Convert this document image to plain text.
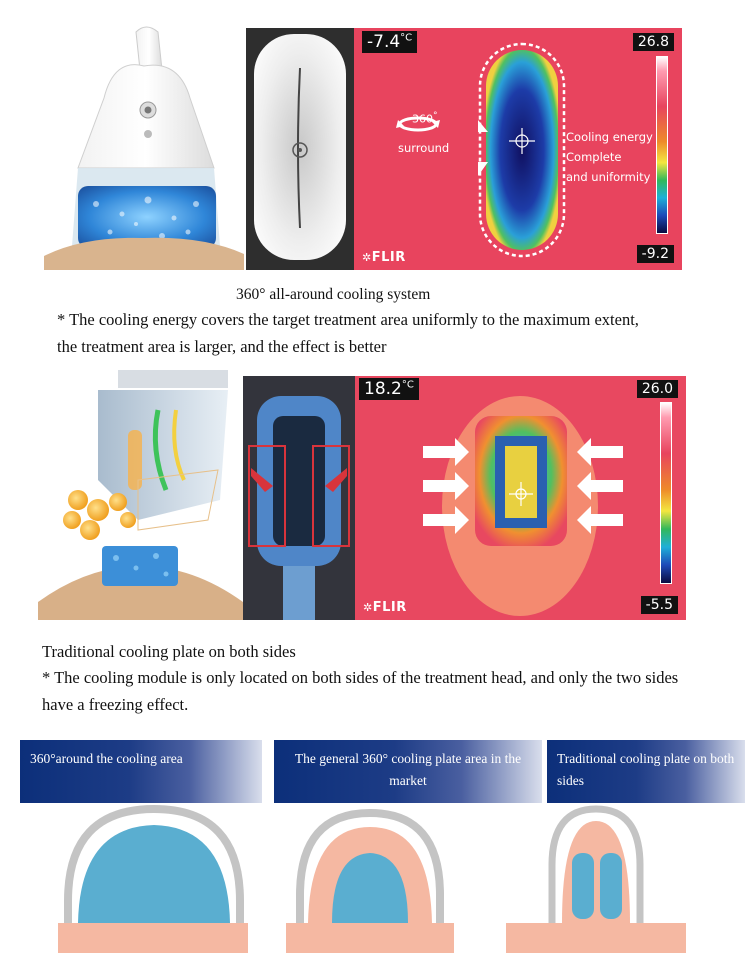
$-7.4^{^\circ C}$	26.8
-9.2
✲FLIR
360°
surround
Cooling energy
Complete
and uniformity
360° all-around cooling system
* The cooling energy covers the target treatment area uniformly to the maximum extent, the treatment area is larger, and the effect is better
$18.2^{^\circ C}$	26.0
-5.5
✲FLIR
Traditional cooling plate on both sides
* The cooling module is only located on both sides of the treatment head, and only the two sides have a freezing effect.
360°around the cooling area	The general 360° cooling plate area in the market
Traditional cooling plate on both sides
